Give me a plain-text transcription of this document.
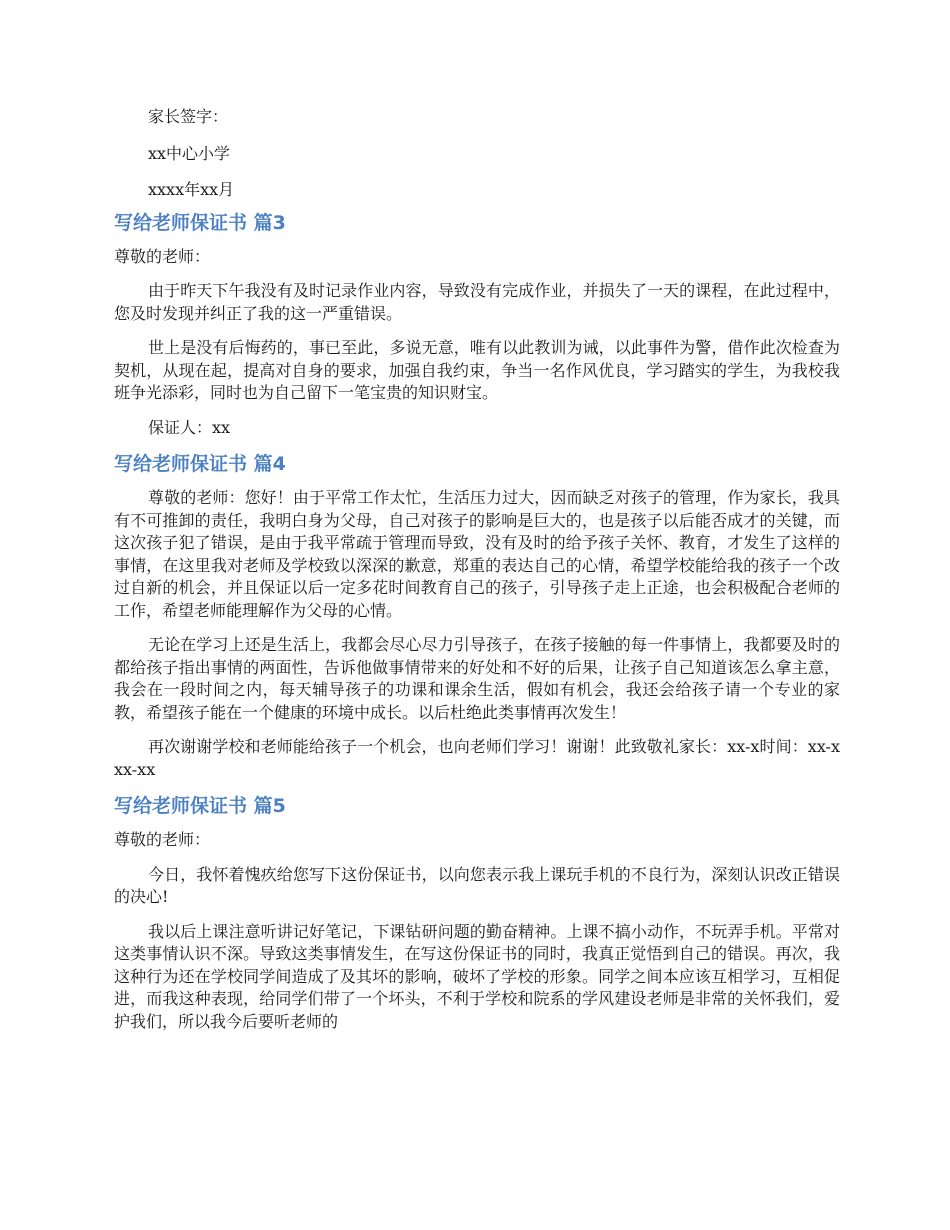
家长签字：

xx中心小学

xxxx年xx月

写给老师保证书 篇3

尊敬的老师：

由于昨天下午我没有及时记录作业内容，导致没有完成作业，并损失了一天的课程，在此过程中，您及时发现并纠正了我的这一严重错误。

世上是没有后悔药的，事已至此，多说无意，唯有以此教训为诫，以此事件为警，借作此次检查为契机，从现在起，提高对自身的要求，加强自我约束，争当一名作风优良，学习踏实的学生，为我校我班争光添彩，同时也为自己留下一笔宝贵的知识财宝。

保证人：xx

写给老师保证书 篇4

尊敬的老师：您好！由于平常工作太忙，生活压力过大，因而缺乏对孩子的管理，作为家长，我具有不可推卸的责任，我明白身为父母，自己对孩子的影响是巨大的，也是孩子以后能否成才的关键，而这次孩子犯了错误，是由于我平常疏于管理而导致，没有及时的给予孩子关怀、教育，才发生了这样的事情，在这里我对老师及学校致以深深的歉意，郑重的表达自己的心情，希望学校能给我的孩子一个改过自新的机会，并且保证以后一定多花时间教育自己的孩子，引导孩子走上正途，也会积极配合老师的工作，希望老师能理解作为父母的心情。

无论在学习上还是生活上，我都会尽心尽力引导孩子，在孩子接触的每一件事情上，我都要及时的都给孩子指出事情的两面性，告诉他做事情带来的好处和不好的后果，让孩子自己知道该怎么拿主意，我会在一段时间之内，每天辅导孩子的功课和课余生活，假如有机会，我还会给孩子请一个专业的家教，希望孩子能在一个健康的环境中成长。以后杜绝此类事情再次发生！

再次谢谢学校和老师能给孩子一个机会，也向老师们学习！谢谢！此致敬礼家长：xx-x时间：xx-xxx-xx

写给老师保证书 篇5

尊敬的老师：

今日，我怀着愧疚给您写下这份保证书，以向您表示我上课玩手机的不良行为，深刻认识改正错误的决心!

我以后上课注意听讲记好笔记，下课钻研问题的勤奋精神。上课不搞小动作，不玩弄手机。平常对这类事情认识不深。导致这类事情发生，在写这份保证书的同时，我真正觉悟到自己的错误。再次，我这种行为还在学校同学间造成了及其坏的影响，破坏了学校的形象。同学之间本应该互相学习，互相促进，而我这种表现，给同学们带了一个坏头，不利于学校和院系的学风建设老师是非常的关怀我们，爱护我们，所以我今后要听老师的
